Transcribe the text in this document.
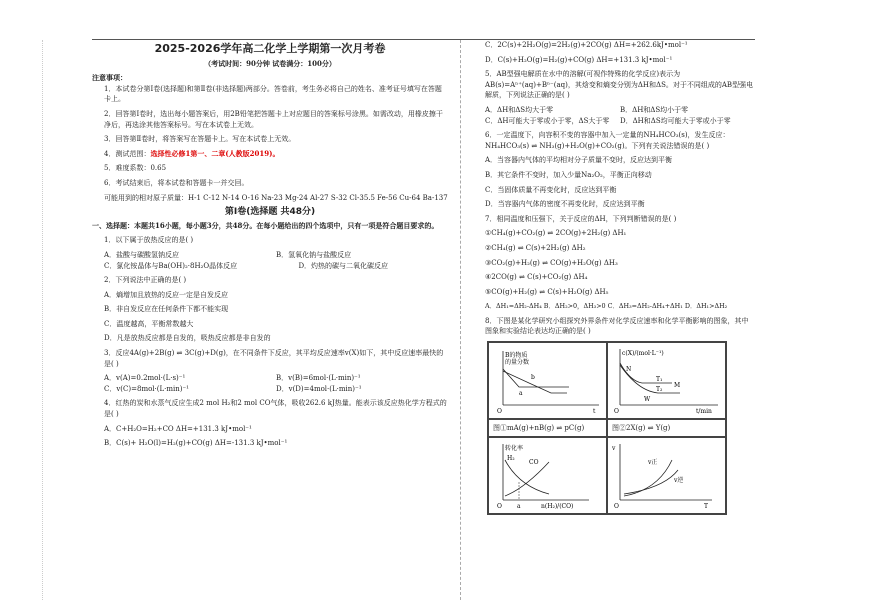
2025-2026学年高二化学上学期第一次月考卷
（考试时间：90分钟 试卷满分：100分）
注意事项：

1．本试卷分第Ⅰ卷(选择题)和第Ⅱ卷(非选择题)两部分。答卷前，考生务必将自己的姓名、准考证号填写在答题卡上。

2．回答第Ⅰ卷时，选出每小题答案后，用2B铅笔把答题卡上对应题目的答案标号涂黑。如需改动，用橡皮擦干净后，再选涂其他答案标号。写在本试卷上无效。

3．回答第Ⅱ卷时，将答案写在答题卡上。写在本试卷上无效。

4．测试范围：选择性必修1第一、二章(人教版2019)。

5．难度系数：0.65

6．考试结束后，将本试卷和答题卡一并交回。

可能用到的相对原子质量：H-1 C-12 N-14 O-16 Na-23 Mg-24 Al-27 S-32 Cl-35.5 Fe-56 Cu-64 Ba-137

第Ⅰ卷(选择题 共48分)

一、选择题：本题共16小题，每小题3分，共48分。在每小题给出的四个选项中，只有一项是符合题目要求的。

1．以下属于放热反应的是( )

A．盐酸与碳酸氢钠反应	B．氢氧化钠与盐酸反应
C．氯化铵晶体与Ba(OH)₂·8H₂O晶体反应	D．灼热的碳与二氧化碳反应

2．下列说法中正确的是( )

A．熵增加且放热的反应一定是自发反应

B．非自发反应在任何条件下都不能实现

C．温度越高，平衡常数越大

D．凡是放热反应都是自发的，吸热反应都是非自发的

3．反应4A(g)+2B(g) ⇌ 3C(g)+D(g)，在不同条件下反应，其平均反应速率v(X)如下，其中反应速率最快的是( )

A．v(A)=0.2mol·(L·s)⁻¹	B．v(B)=6mol·(L·min)⁻¹
C．v(C)=8mol·(L·min)⁻¹	D．v(D)=4mol·(L·min)⁻¹

4．红热的炭和水蒸气反应生成2 mol H₂和2 mol CO气体，吸收262.6 kJ热量。能表示该反应热化学方程式的是( )

A．C+H₂O=H₂+CO ΔH=+131.3 kJ•mol⁻¹

B．C(s)+ H₂O(l)=H₂(g)+CO(g) ΔH=-131.3 kJ•mol⁻¹

C．2C(s)+2H₂O(g)=2H₂(g)+2CO(g) ΔH=+262.6kJ•mol⁻¹

D．C(s)+H₂O(g)=H₂(g)+CO(g) ΔH=+131.3 kJ•mol⁻¹

5．AB型强电解质在水中的溶解(可视作特殊的化学反应)表示为AB(s)=Aⁿ⁺(aq)+Bⁿ⁻(aq)，其焓变和熵变分别为ΔH和ΔS。对于不同组成的AB型强电解质，下列说法正确的是( )

A．ΔH和ΔS均大于零	B．ΔH和ΔS均小于零
C．ΔH可能大于零或小于零，ΔS大于零	D．ΔH和ΔS均可能大于零或小于零

6．一定温度下，向容积不变的容器中加入一定量的NH₄HCO₃(s)，发生反应：NH₄HCO₃(s) ⇌ NH₃(g)+H₂O(g)+CO₂(g)。下列有关说法错误的是( )

A．当容器内气体的平均相对分子质量不变时，反应达到平衡

B．其它条件不变时，加入少量Na₂O₂，平衡正向移动

C．当固体质量不再变化时，反应达到平衡

D．当容器内气体的密度不再变化时，反应达到平衡

7．相同温度和压强下，关于反应的ΔH，下列判断错误的是( )

①CH₄(g)+CO₂(g) ⇌ 2CO(g)+2H₂(g) ΔH₁

②CH₄(g) ⇌ C(s)+2H₂(g) ΔH₂

③CO₂(g)+H₂(g) ⇌ CO(g)+H₂O(g) ΔH₃

④2CO(g) ⇌ C(s)+CO₂(g) ΔH₄

⑤CO(g)+H₂(g) ⇌ C(s)+H₂O(g) ΔH₅

A．ΔH₁=ΔH₂-ΔH₄ B．ΔH₂>0，ΔH₃>0 C．ΔH₃=ΔH₂-ΔH₄+ΔH₁ D．ΔH₁>ΔH₂

8．下图是某化学研究小组探究外界条件对化学反应速率和化学平衡影响的图象，其中图象和实验结论表达均正确的是( )

B的物质
的量分数
b
a
O	t
c(X)/(mol·L⁻¹)
N
T₁
T₂
M
W
O	t/min
图①mA(g)+nB(g) ⇌ pC(g)	图②2X(g) ⇌ Y(g)
转化率
H₂
CO
O	a	n(H₂)/(CO)
v
v正
v逆
O	T
